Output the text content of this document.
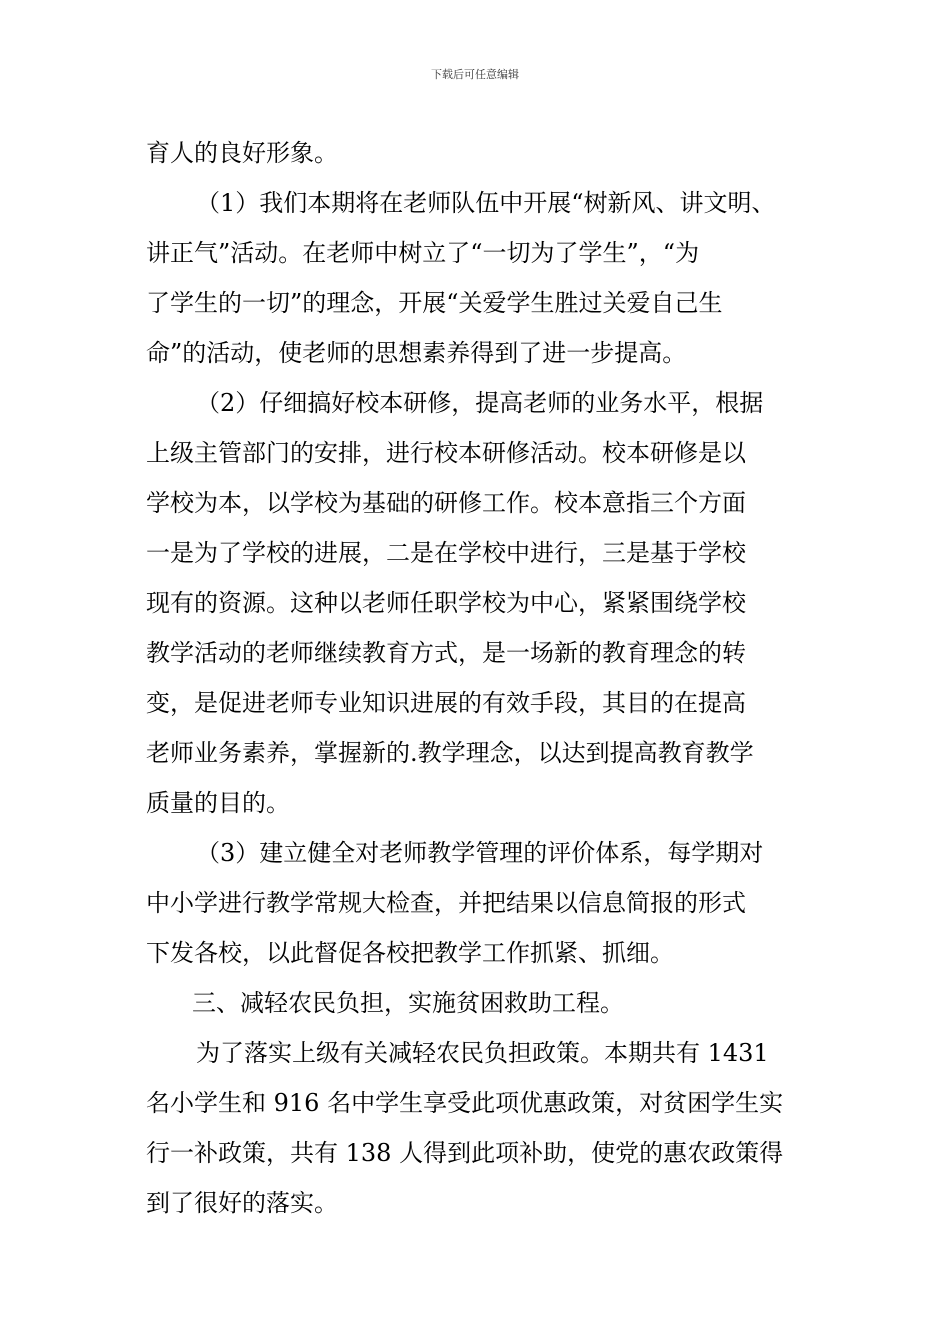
下载后可任意编辑
育人的良好形象。
（1）我们本期将在老师队伍中开展“树新风、讲文明、
讲正气”活动。在老师中树立了“一切为了学生”，“为
了学生的一切”的理念，开展“关爱学生胜过关爱自己生
命”的活动，使老师的思想素养得到了进一步提高。
（2）仔细搞好校本研修，提高老师的业务水平，根据
上级主管部门的安排，进行校本研修活动。校本研修是以
学校为本，以学校为基础的研修工作。校本意指三个方面
一是为了学校的进展，二是在学校中进行，三是基于学校
现有的资源。这种以老师任职学校为中心，紧紧围绕学校
教学活动的老师继续教育方式，是一场新的教育理念的转
变，是促进老师专业知识进展的有效手段，其目的在提高
老师业务素养，掌握新的.教学理念，以达到提高教育教学
质量的目的。
（3）建立健全对老师教学管理的评价体系，每学期对
中小学进行教学常规大检查，并把结果以信息简报的形式
下发各校，以此督促各校把教学工作抓紧、抓细。
三、减轻农民负担，实施贫困救助工程。
为了落实上级有关减轻农民负担政策。本期共有 1431
名小学生和 916 名中学生享受此项优惠政策，对贫困学生实
行一补政策，共有 138 人得到此项补助，使党的惠农政策得
到了很好的落实。
